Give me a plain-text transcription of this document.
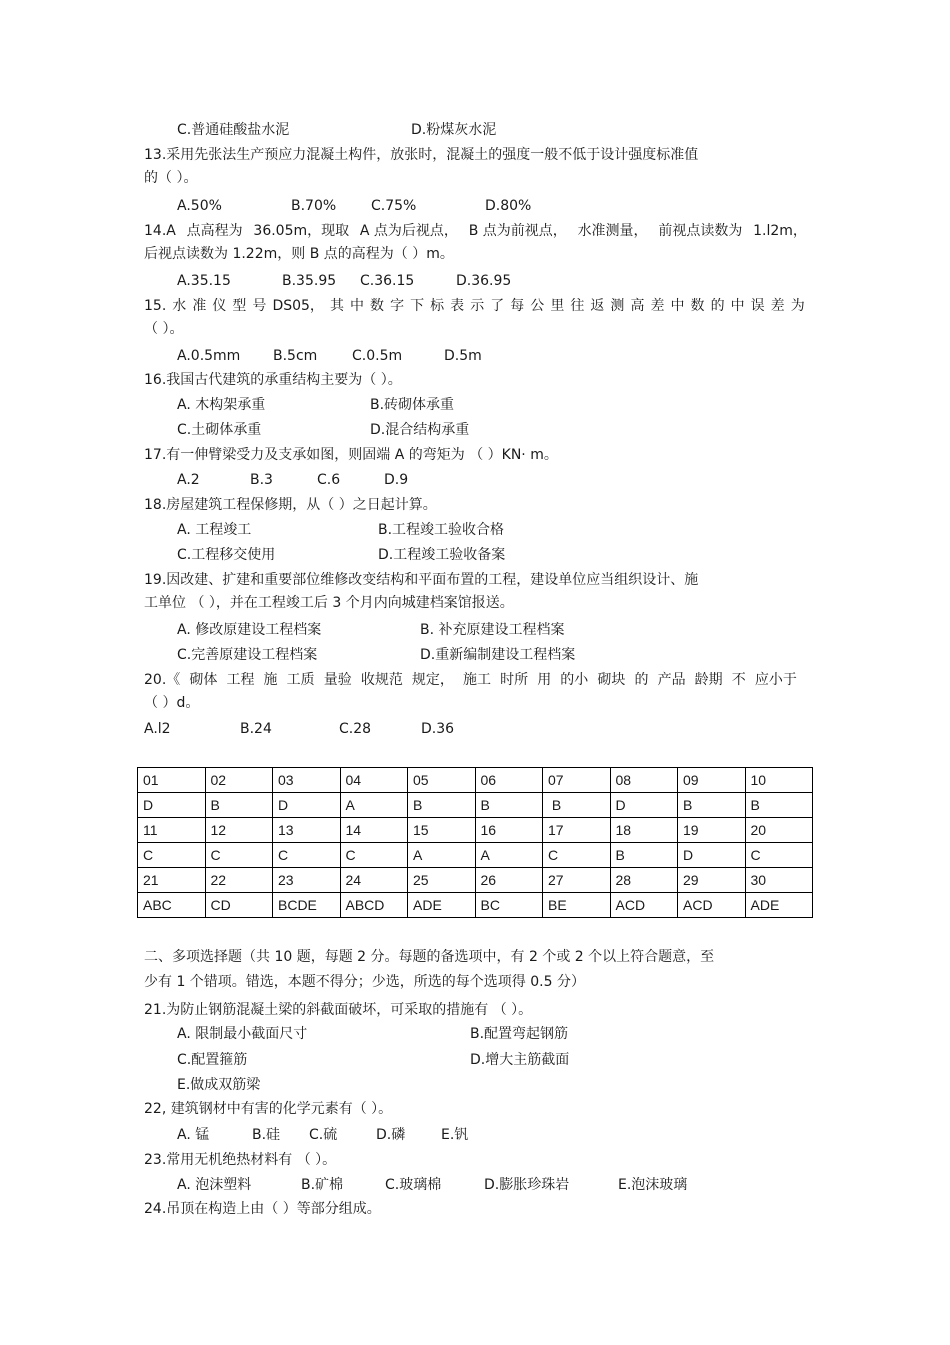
C.普通硅酸盐水泥	D.粉煤灰水泥
13.采用先张法生产预应力混凝土构件，放张时，混凝土的强度一般不低于设计强度标准值
的（ ）。
A.50%	B.70% C.75%	D.80%
14.A 点高程为 36.05m，现取 A 点为后视点， B 点为前视点， 水准测量， 前视点读数为 1.l2m，
后视点读数为 1.22m，则 B 点的高程为（ ）m。
A.35.15	B.35.95 C.36.15	D.36.95
15. 水 准 仪 型 号 DS05， 其 中 数 字 下 标 表 示 了 每 公 里 往 返 测 高 差 中 数 的 中 误 差 为
（ ）。
A.0.5mm B.5cm C.0.5m	D.5m
16.我国古代建筑的承重结构主要为（ ）。
A. 木构架承重	B.砖砌体承重
C.土砌体承重	D.混合结构承重
17.有一伸臂梁受力及支承如图，则固端 A 的弯矩为 （ ）KN· m。
A.2	B.3	C.6	D.9
18.房屋建筑工程保修期，从（ ）之日起计算。
A. 工程竣工	B.工程竣工验收合格
C.工程移交使用	D.工程竣工验收备案
19.因改建、扩建和重要部位维修改变结构和平面布置的工程，建设单位应当组织设计、施
工单位 （ ），并在工程竣工后 3 个月内向城建档案馆报送。
A. 修改原建设工程档案	B. 补充原建设工程档案
C.完善原建设工程档案	D.重新编制建设工程档案
20.《 砌体 工程 施 工质 量验 收规范 规定， 施工 时所 用 的小 砌块 的 产品 龄期 不 应小于
（ ）d。
A.l2	B.24	C.28	D.36
01	02	03	04	05	06	07	08	09	10
D	B	D	A	B	B	B	D	B	B
11	12	13	14	15	16	17	18	19	20
C	C	C	C	A	A	C	B	D	C
21	22	23	24	25	26	27	28	29	30
ABC	CD	BCDE	ABCD	ADE	BC	BE	ACD	ACD	ADE
二、多项选择题（共 10 题，每题 2 分。每题的备选项中，有 2 个或 2 个以上符合题意，至
少有 1 个错项。错选，本题不得分；少选，所选的每个选项得 0.5 分）
21.为防止钢筋混凝土梁的斜截面破坏，可采取的措施有 （ ）。
A. 限制最小截面尺寸	B.配置弯起钢筋
C.配置箍筋	D.增大主筋截面
E.做成双筋梁
22, 建筑钢材中有害的化学元素有（ ）。
A. 锰	B.硅 C.硫	D.磷	E.钒
23.常用无机绝热材料有 （ ）。
A. 泡沫塑料	B.矿棉	C.玻璃棉	D.膨胀珍珠岩	E.泡沫玻璃
24.吊顶在构造上由（ ）等部分组成。
